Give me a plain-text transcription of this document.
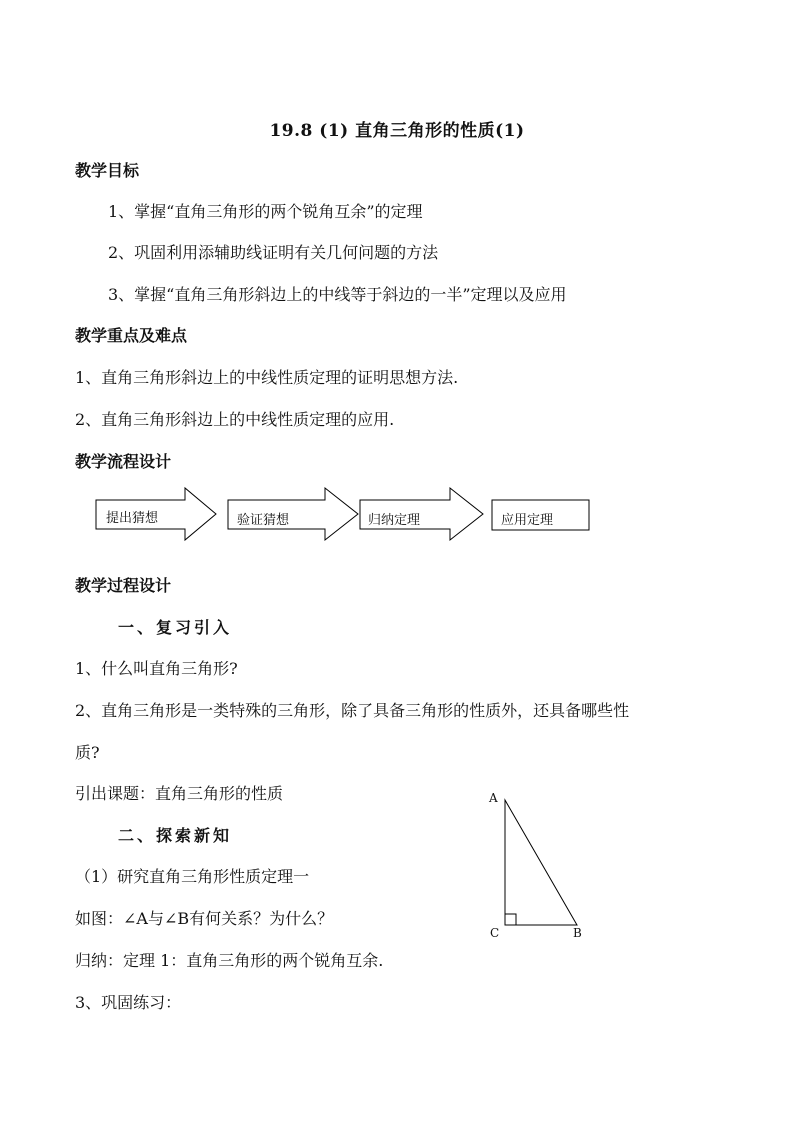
19.8 (1) 直角三角形的性质(1)
教学目标
1、掌握“直角三角形的两个锐角互余”的定理
2、巩固利用添辅助线证明有关几何问题的方法
3、掌握“直角三角形斜边上的中线等于斜边的一半”定理以及应用
教学重点及难点
1、直角三角形斜边上的中线性质定理的证明思想方法.
2、直角三角形斜边上的中线性质定理的应用.
教学流程设计
提出猜想	验证猜想	归纳定理	应用定理
教学过程设计
一、复习引入
1、什么叫直角三角形?
2、直角三角形是一类特殊的三角形，除了具备三角形的性质外，还具备哪些性
质?
引出课题：直角三角形的性质
二、探索新知
（1）研究直角三角形性质定理一
如图：∠A与∠B有何关系？为什么？
归纳：定理 1：直角三角形的两个锐角互余.
3、巩固练习：
A
C	B
